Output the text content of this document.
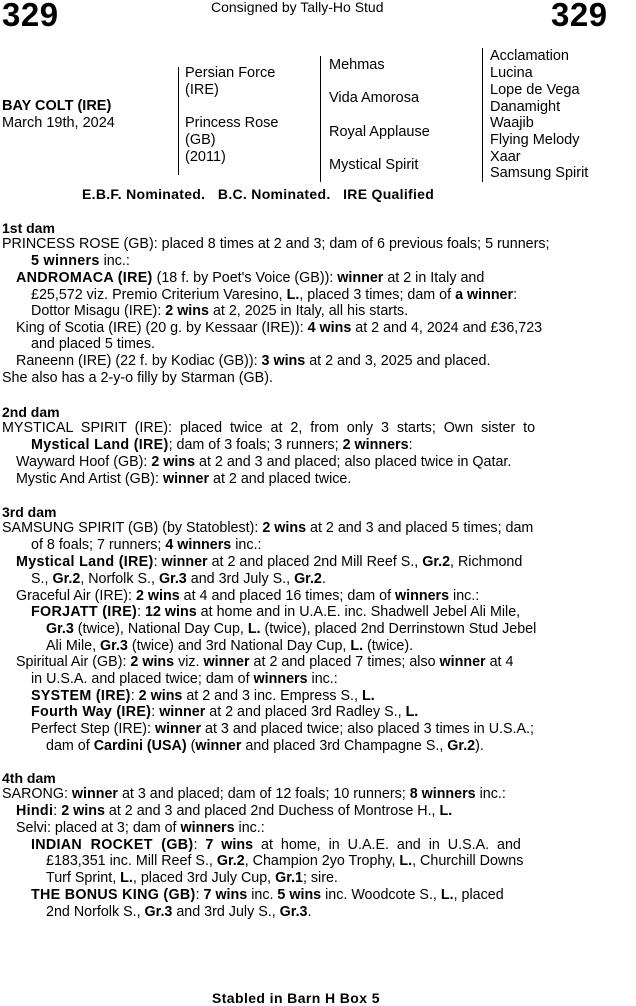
329	329
Consigned by Tally-Ho Stud
BAY COLT (IRE)
March 19th, 2024
Persian Force
(IRE)
Princess Rose
(GB)
(2011)
Mehmas
Vida Amorosa
Royal Applause
Mystical Spirit
Acclamation
Lucina
Lope de Vega
Danamight
Waajib
Flying Melody
Xaar
Samsung Spirit
E.B.F. Nominated.   B.C. Nominated.   IRE Qualified
1st dam
PRINCESS ROSE (GB): placed 8 times at 2 and 3; dam of 6 previous foals; 5 runners;
5 winners inc.:
ANDROMACA (IRE) (18 f. by Poet's Voice (GB)): winner at 2 in Italy and
£25,572 viz. Premio Criterium Varesino, L., placed 3 times; dam of a winner:
Dottor Misagu (IRE): 2 wins at 2, 2025 in Italy, all his starts.
King of Scotia (IRE) (20 g. by Kessaar (IRE)): 4 wins at 2 and 4, 2024 and £36,723
and placed 5 times.
Raneenn (IRE) (22 f. by Kodiac (GB)): 3 wins at 2 and 3, 2025 and placed.
She also has a 2-y-o filly by Starman (GB).
2nd dam
MYSTICAL  SPIRIT  (IRE):  placed  twice  at  2,  from  only  3  starts;  Own  sister  to
Mystical Land (IRE); dam of 3 foals; 3 runners; 2 winners:
Wayward Hoof (GB): 2 wins at 2 and 3 and placed; also placed twice in Qatar.
Mystic And Artist (GB): winner at 2 and placed twice.
3rd dam
SAMSUNG SPIRIT (GB) (by Statoblest): 2 wins at 2 and 3 and placed 5 times; dam
of 8 foals; 7 runners; 4 winners inc.:
Mystical Land (IRE): winner at 2 and placed 2nd Mill Reef S., Gr.2, Richmond
S., Gr.2, Norfolk S., Gr.3 and 3rd July S., Gr.2.
Graceful Air (IRE): 2 wins at 4 and placed 16 times; dam of winners inc.:
FORJATT (IRE): 12 wins at home and in U.A.E. inc. Shadwell Jebel Ali Mile,
Gr.3 (twice), National Day Cup, L. (twice), placed 2nd Derrinstown Stud Jebel
Ali Mile, Gr.3 (twice) and 3rd National Day Cup, L. (twice).
Spiritual Air (GB): 2 wins viz. winner at 2 and placed 7 times; also winner at 4
in U.S.A. and placed twice; dam of winners inc.:
SYSTEM (IRE): 2 wins at 2 and 3 inc. Empress S., L.
Fourth Way (IRE): winner at 2 and placed 3rd Radley S., L.
Perfect Step (IRE): winner at 3 and placed twice; also placed 3 times in U.S.A.;
dam of Cardini (USA) (winner and placed 3rd Champagne S., Gr.2).
4th dam
SARONG: winner at 3 and placed; dam of 12 foals; 10 runners; 8 winners inc.:
Hindi: 2 wins at 2 and 3 and placed 2nd Duchess of Montrose H., L.
Selvi: placed at 3; dam of winners inc.:
INDIAN  ROCKET  (GB):  7  wins  at  home,  in  U.A.E.  and  in  U.S.A.  and
£183,351 inc. Mill Reef S., Gr.2, Champion 2yo Trophy, L., Churchill Downs
Turf Sprint, L., placed 3rd July Cup, Gr.1; sire.
THE BONUS KING (GB): 7 wins inc. 5 wins inc. Woodcote S., L., placed
2nd Norfolk S., Gr.3 and 3rd July S., Gr.3.
Stabled in Barn H Box 5
